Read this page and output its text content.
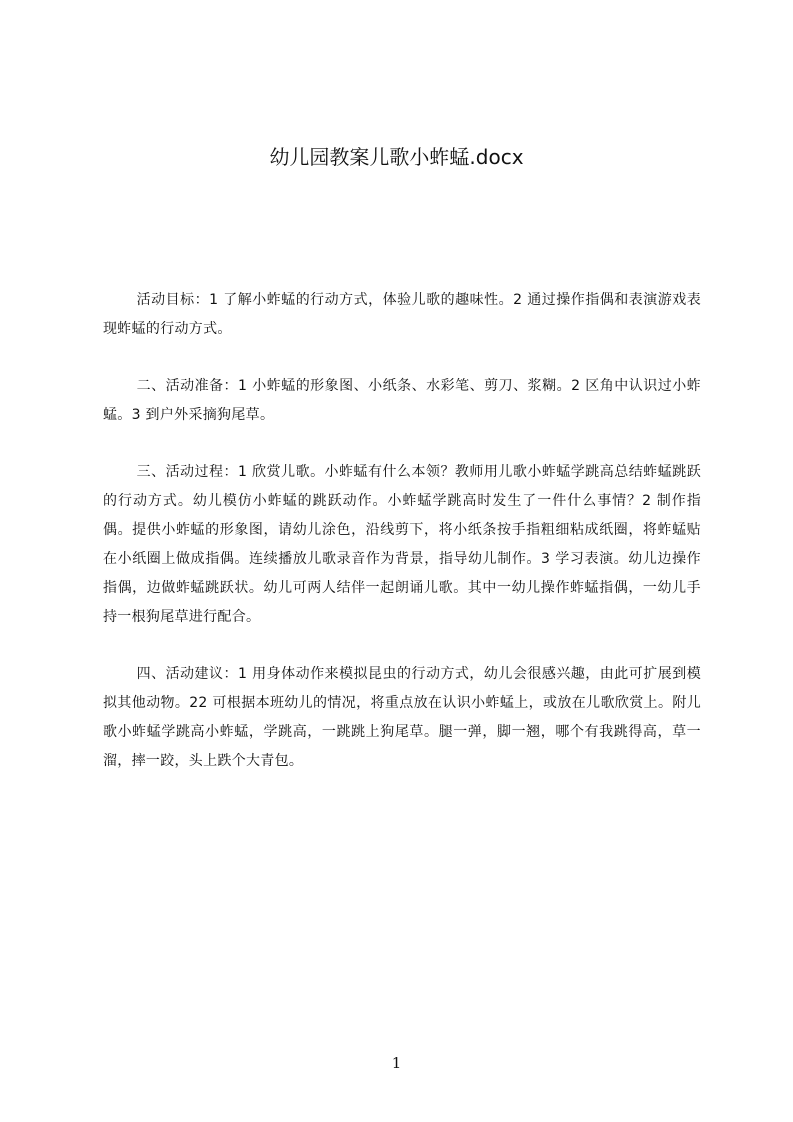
幼儿园教案儿歌小蚱蜢.docx

活动目标：1 了解小蚱蜢的行动方式，体验儿歌的趣味性。2 通过操作指偶和表演游戏表现蚱蜢的行动方式。

二、活动准备：1 小蚱蜢的形象图、小纸条、水彩笔、剪刀、浆糊。2 区角中认识过小蚱蜢。3 到户外采摘狗尾草。

三、活动过程：1 欣赏儿歌。小蚱蜢有什么本领？教师用儿歌小蚱蜢学跳高总结蚱蜢跳跃的行动方式。幼儿模仿小蚱蜢的跳跃动作。小蚱蜢学跳高时发生了一件什么事情？2 制作指偶。提供小蚱蜢的形象图，请幼儿涂色，沿线剪下，将小纸条按手指粗细粘成纸圈，将蚱蜢贴在小纸圈上做成指偶。连续播放儿歌录音作为背景，指导幼儿制作。3 学习表演。幼儿边操作指偶，边做蚱蜢跳跃状。幼儿可两人结伴一起朗诵儿歌。其中一幼儿操作蚱蜢指偶，一幼儿手持一根狗尾草进行配合。

四、活动建议：1 用身体动作来模拟昆虫的行动方式，幼儿会很感兴趣，由此可扩展到模拟其他动物。22 可根据本班幼儿的情况，将重点放在认识小蚱蜢上，或放在儿歌欣赏上。附儿歌小蚱蜢学跳高小蚱蜢，学跳高，一跳跳上狗尾草。腿一弹，脚一翘，哪个有我跳得高，草一溜，摔一跤，头上跌个大青包。

1
